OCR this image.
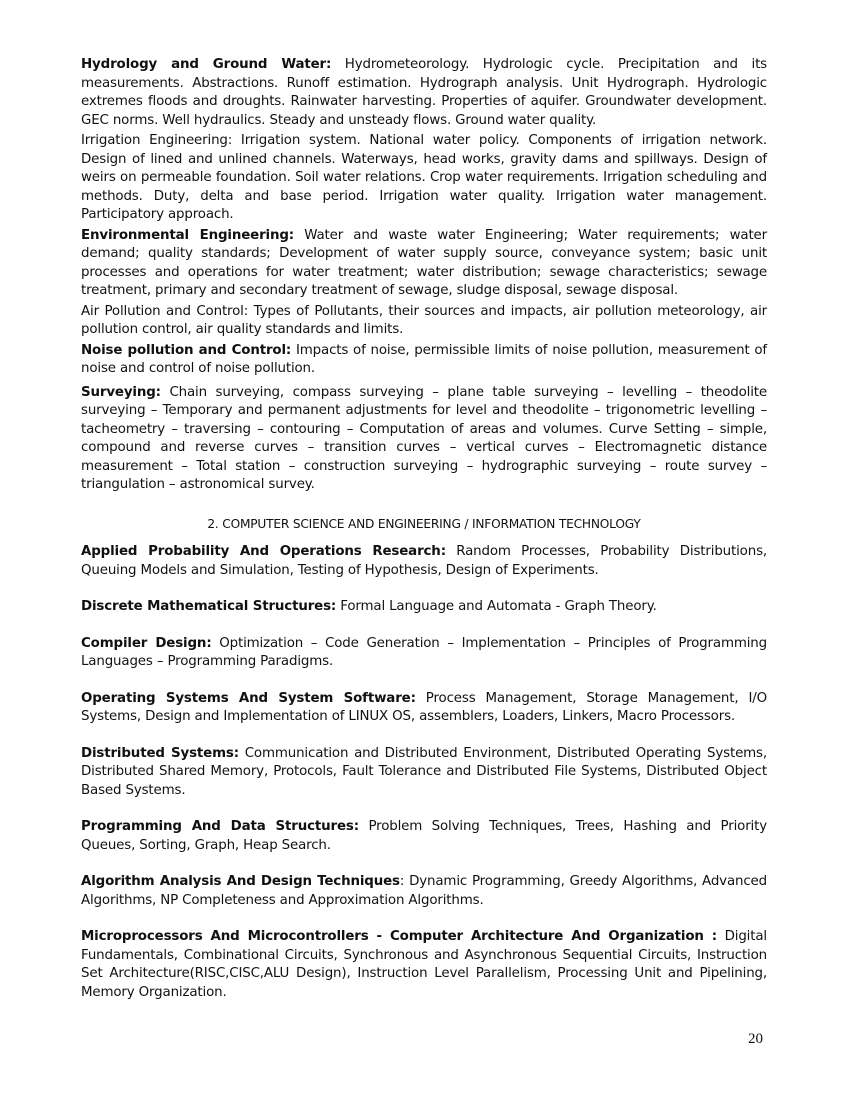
Hydrology and Ground Water: Hydrometeorology. Hydrologic cycle. Precipitation and its measurements. Abstractions. Runoff estimation. Hydrograph analysis. Unit Hydrograph. Hydrologic extremes floods and droughts. Rainwater harvesting. Properties of aquifer. Groundwater development. GEC norms. Well hydraulics. Steady and unsteady flows. Ground water quality.

Irrigation Engineering: Irrigation system. National water policy. Components of irrigation network. Design of lined and unlined channels. Waterways, head works, gravity dams and spillways. Design of weirs on permeable foundation. Soil water relations. Crop water requirements. Irrigation scheduling and methods. Duty, delta and base period. Irrigation water quality. Irrigation water management. Participatory approach.

Environmental Engineering: Water and waste water Engineering; Water requirements; water demand; quality standards; Development of water supply source, conveyance system; basic unit processes and operations for water treatment; water distribution; sewage characteristics; sewage treatment, primary and secondary treatment of sewage, sludge disposal, sewage disposal.

Air Pollution and Control: Types of Pollutants, their sources and impacts, air pollution meteorology, air pollution control, air quality standards and limits.

Noise pollution and Control: Impacts of noise, permissible limits of noise pollution, measurement of noise and control of noise pollution.

Surveying: Chain surveying, compass surveying – plane table surveying – levelling – theodolite surveying – Temporary and permanent adjustments for level and theodolite – trigonometric levelling – tacheometry – traversing – contouring – Computation of areas and volumes. Curve Setting – simple, compound and reverse curves – transition curves – vertical curves – Electromagnetic distance measurement – Total station – construction surveying – hydrographic surveying – route survey – triangulation – astronomical survey.

2. COMPUTER SCIENCE AND ENGINEERING / INFORMATION TECHNOLOGY

Applied Probability And Operations Research: Random Processes, Probability Distributions, Queuing Models and Simulation, Testing of Hypothesis, Design of Experiments.

Discrete Mathematical Structures: Formal Language and Automata - Graph Theory.

Compiler Design: Optimization – Code Generation – Implementation – Principles of Programming Languages – Programming Paradigms.

Operating Systems And System Software: Process Management, Storage Management, I/O Systems, Design and Implementation of LINUX OS, assemblers, Loaders, Linkers, Macro Processors.

Distributed Systems: Communication and Distributed Environment, Distributed Operating Systems, Distributed Shared Memory, Protocols, Fault Tolerance and Distributed File Systems, Distributed Object Based Systems.

Programming And Data Structures: Problem Solving Techniques, Trees, Hashing and Priority Queues, Sorting, Graph, Heap Search.

Algorithm Analysis And Design Techniques: Dynamic Programming, Greedy Algorithms, Advanced Algorithms, NP Completeness and Approximation Algorithms.

Microprocessors And Microcontrollers - Computer Architecture And Organization : Digital Fundamentals, Combinational Circuits, Synchronous and Asynchronous Sequential Circuits, Instruction Set Architecture(RISC,CISC,ALU Design), Instruction Level Parallelism, Processing Unit and Pipelining, Memory Organization.

20
